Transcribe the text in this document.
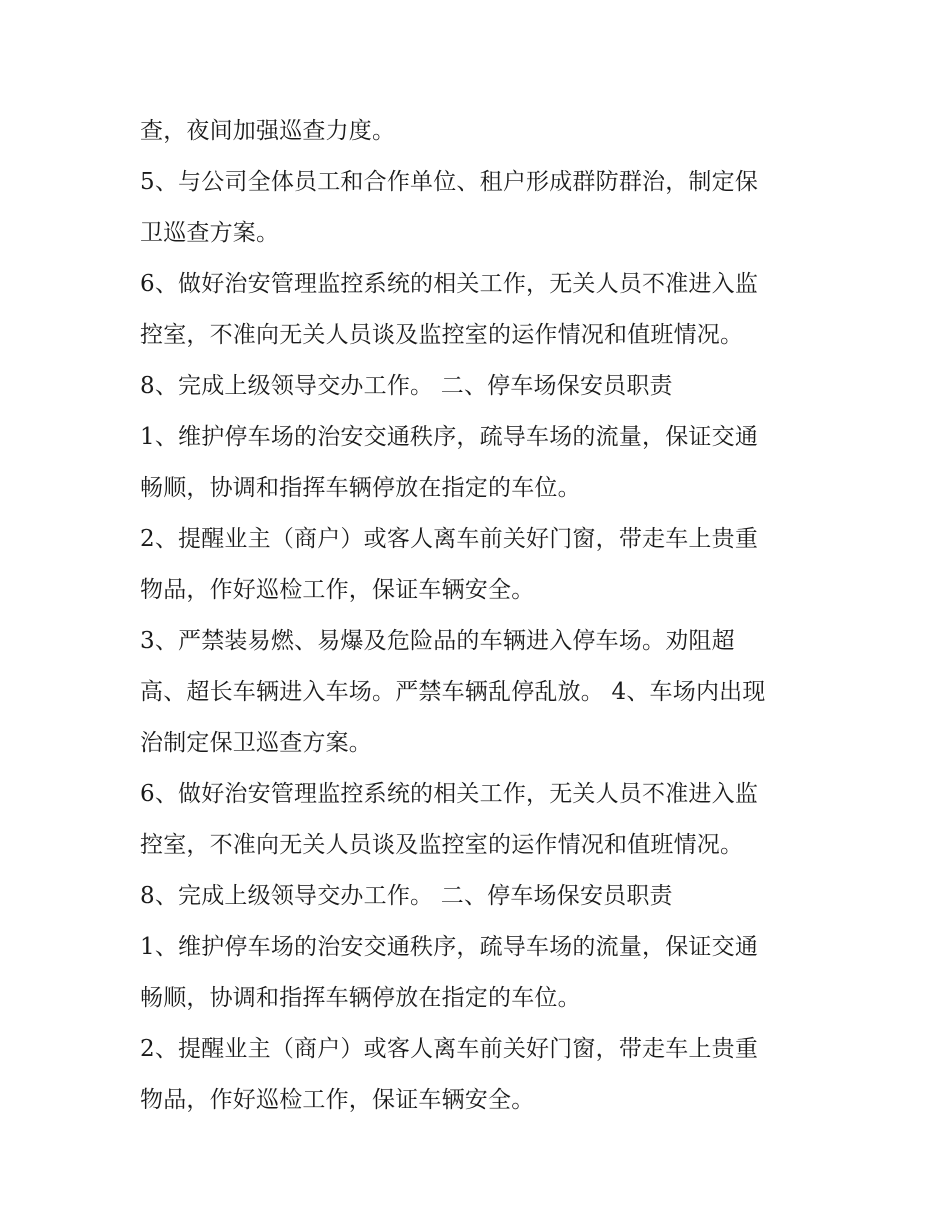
查，夜间加强巡查力度。
5、与公司全体员工和合作单位、租户形成群防群治，制定保
卫巡查方案。
6、做好治安管理监控系统的相关工作，无关人员不准进入监
控室，不准向无关人员谈及监控室的运作情况和值班情况。
8、完成上级领导交办工作。 二、停车场保安员职责
1、维护停车场的治安交通秩序，疏导车场的流量，保证交通
畅顺，协调和指挥车辆停放在指定的车位。
2、提醒业主（商户）或客人离车前关好门窗，带走车上贵重
物品，作好巡检工作，保证车辆安全。
3、严禁装易燃、易爆及危险品的车辆进入停车场。劝阻超
高、超长车辆进入车场。严禁车辆乱停乱放。 4、车场内出现
治制定保卫巡查方案。
6、做好治安管理监控系统的相关工作，无关人员不准进入监
控室，不准向无关人员谈及监控室的运作情况和值班情况。
8、完成上级领导交办工作。 二、停车场保安员职责
1、维护停车场的治安交通秩序，疏导车场的流量，保证交通
畅顺，协调和指挥车辆停放在指定的车位。
2、提醒业主（商户）或客人离车前关好门窗，带走车上贵重
物品，作好巡检工作，保证车辆安全。
